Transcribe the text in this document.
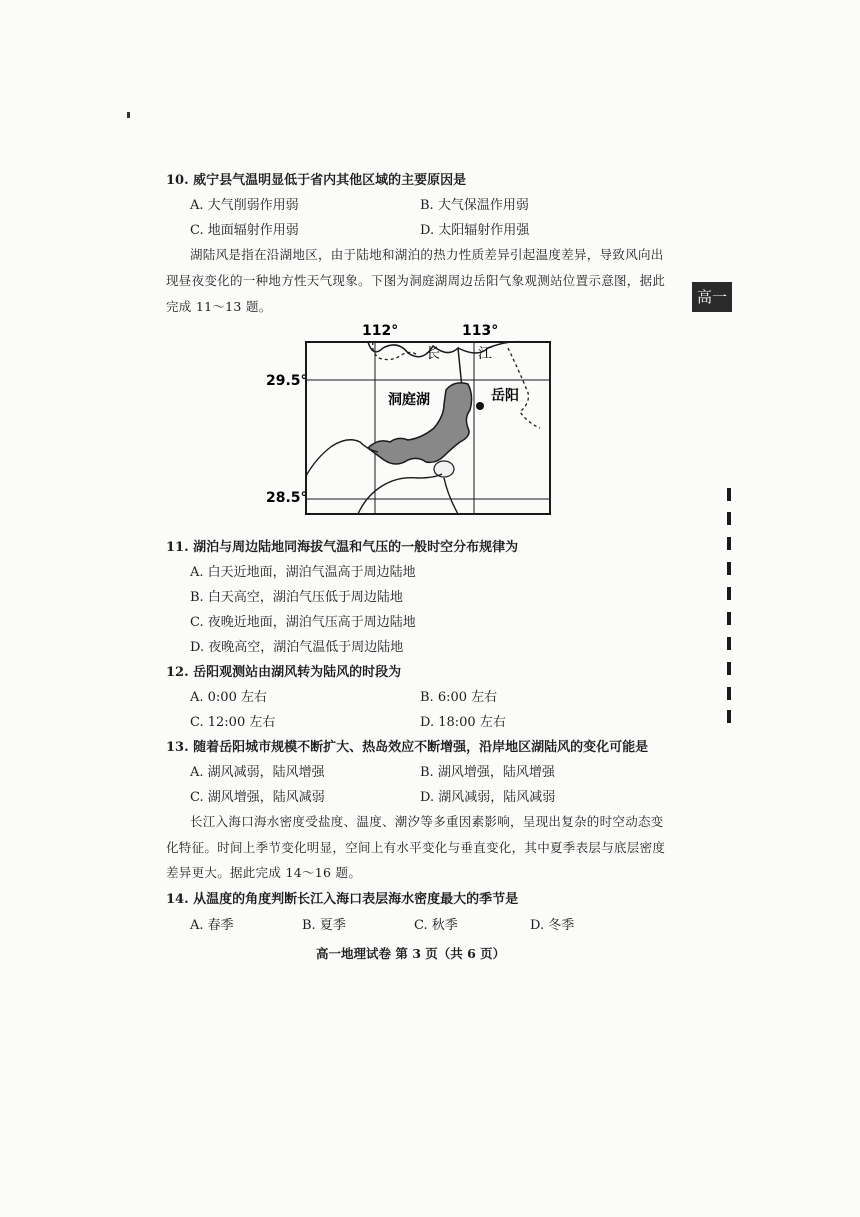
高一
10. 威宁县气温明显低于省内其他区域的主要原因是
A. 大气削弱作用弱	B. 大气保温作用弱
C. 地面辐射作用弱	D. 太阳辐射作用强
湖陆风是指在沿湖地区，由于陆地和湖泊的热力性质差异引起温度差异，导致风向出
现昼夜变化的一种地方性天气现象。下图为洞庭湖周边岳阳气象观测站位置示意图，据此
完成 11～13 题。
112°	113°
29.5°
28.5°
长	江
洞庭湖	岳阳
11. 湖泊与周边陆地同海拔气温和气压的一般时空分布规律为
A. 白天近地面，湖泊气温高于周边陆地
B. 白天高空，湖泊气压低于周边陆地
C. 夜晚近地面，湖泊气压高于周边陆地
D. 夜晚高空，湖泊气温低于周边陆地
12. 岳阳观测站由湖风转为陆风的时段为
A. 0:00 左右	B. 6:00 左右
C. 12:00 左右	D. 18:00 左右
13. 随着岳阳城市规模不断扩大、热岛效应不断增强，沿岸地区湖陆风的变化可能是
A. 湖风减弱，陆风增强	B. 湖风增强，陆风增强
C. 湖风增强，陆风减弱	D. 湖风减弱，陆风减弱
长江入海口海水密度受盐度、温度、潮汐等多重因素影响，呈现出复杂的时空动态变
化特征。时间上季节变化明显，空间上有水平变化与垂直变化，其中夏季表层与底层密度
差异更大。据此完成 14～16 题。
14. 从温度的角度判断长江入海口表层海水密度最大的季节是
A. 春季	B. 夏季	C. 秋季	D. 冬季
高一地理试卷 第 3 页（共 6 页）
